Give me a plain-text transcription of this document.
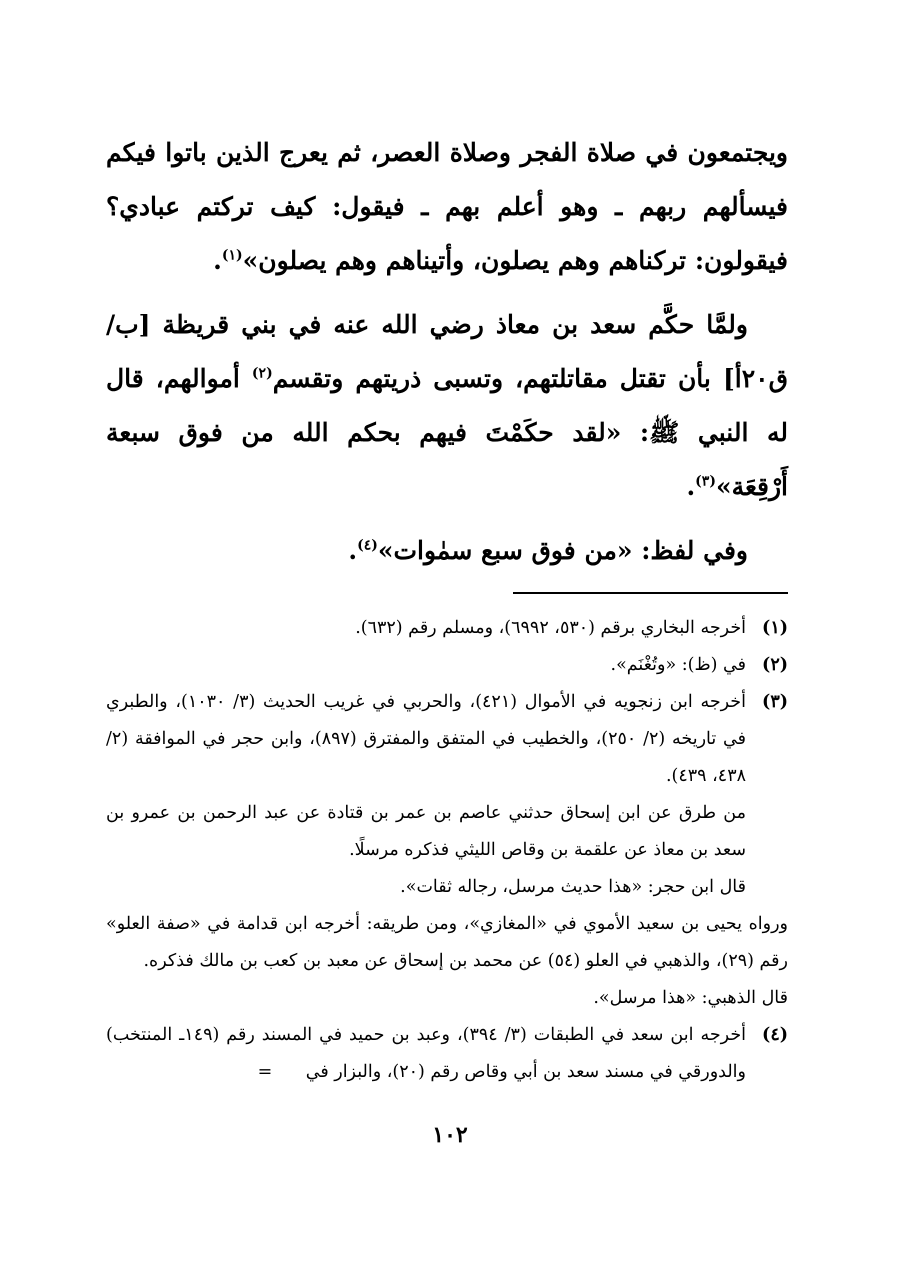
ويجتمعون في صلاة الفجر وصلاة العصر، ثم يعرج الذين باتوا فيكم فيسألهم ربهم ـ وهو أعلم بهم ـ فيقول: كيف تركتم عبادي؟ فيقولون: تركناهم وهم يصلون، وأتيناهم وهم يصلون»$^{(١)}$.

ولمَّا حكَّم سعد بن معاذ رضي الله عنه في بني قريظة [ب/ ق٢٠أ] بأن تقتل مقاتلتهم، وتسبى ذريتهم وتقسم$^{(٢)}$ أموالهم، قال له النبي ﷺ: «لقد حكَمْتَ فيهم بحكم الله من فوق سبعة أَرْقِعَة»$^{(٣)}$.

وفي لفظ: «من فوق سبع سمٰوات»$^{(٤)}$.

(١)

أخرجه البخاري برقم (٥٣٠، ٦٩٩٢)، ومسلم رقم (٦٣٢).

(٢)

في (ظ): «وتُغْنَم».

(٣)

أخرجه ابن زنجويه في الأموال (٤٢١)، والحربي في غريب الحديث (٣/ ١٠٣٠)، والطبري في تاريخه (٢/ ٢٥٠)، والخطيب في المتفق والمفترق (٨٩٧)، وابن حجر في الموافقة (٢/ ٤٣٨، ٤٣٩).

من طرق عن ابن إسحاق حدثني عاصم بن عمر بن قتادة عن عبد الرحمن بن عمرو بن سعد بن معاذ عن علقمة بن وقاص الليثي فذكره مرسلًا.

قال ابن حجر: «هذا حديث مرسل، رجاله ثقات».

ورواه يحيى بن سعيد الأموي في «المغازي»، ومن طريقه: أخرجه ابن قدامة في «صفة العلو» رقم (٢٩)، والذهبي في العلو (٥٤) عن محمد بن إسحاق عن معبد بن كعب بن مالك فذكره.

قال الذهبي: «هذا مرسل».

(٤)

أخرجه ابن سعد في الطبقات (٣/ ٣٩٤)، وعبد بن حميد في المسند رقم (١٤٩ـ المنتخب) والدورقي في مسند سعد بن أبي وقاص رقم (٢٠)، والبزار في      =

١٠٢
